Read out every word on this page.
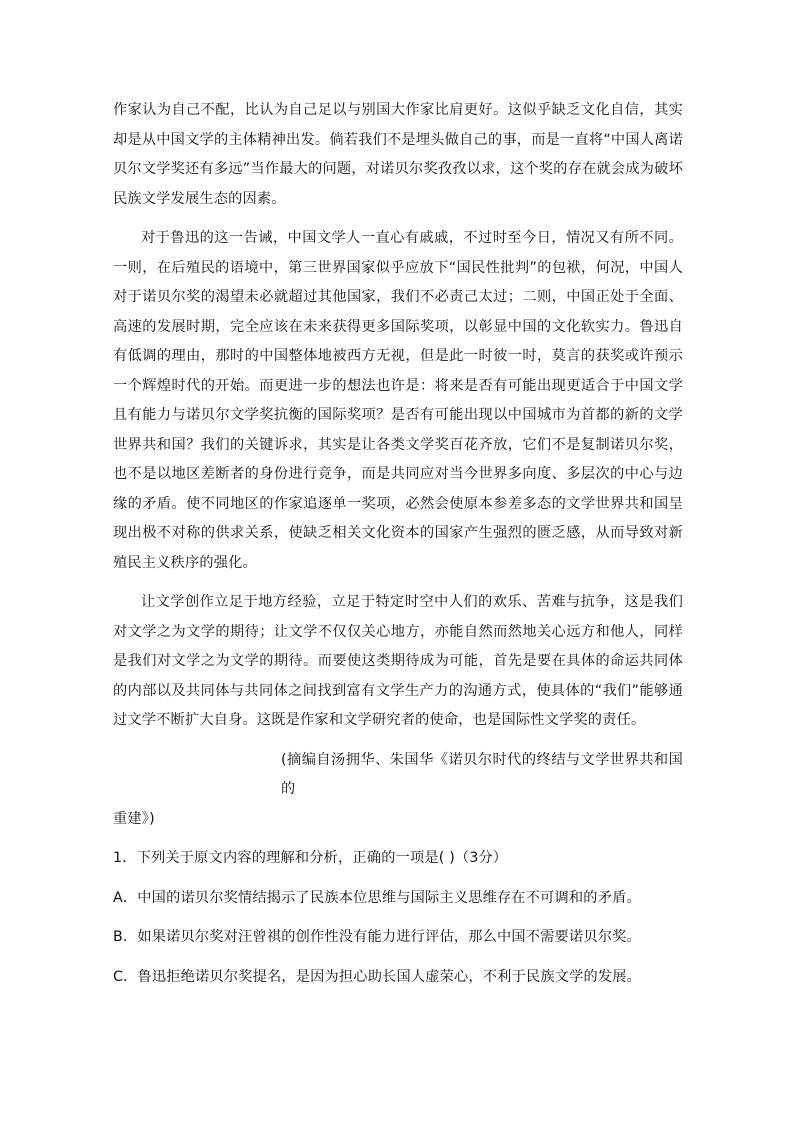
作家认为自己不配，比认为自己足以与别国大作家比肩更好。这似乎缺乏文化自信，其实却是从中国文学的主体精神出发。倘若我们不是埋头做自己的事，而是一直将“中国人离诺贝尔文学奖还有多远”当作最大的问题，对诺贝尔奖孜孜以求，这个奖的存在就会成为破坏民族文学发展生态的因素。

对于鲁迅的这一告诫，中国文学人一直心有戚戚，不过时至今日，情况又有所不同。一则，在后殖民的语境中，第三世界国家似乎应放下“国民性批判”的包袱，何况，中国人对于诺贝尔奖的渴望未必就超过其他国家，我们不必责己太过；二则，中国正处于全面、高速的发展时期，完全应该在未来获得更多国际奖项，以彰显中国的文化软实力。鲁迅自有低调的理由，那时的中国整体地被西方无视，但是此一时彼一时，莫言的获奖或许预示一个辉煌时代的开始。而更进一步的想法也许是：将来是否有可能出现更适合于中国文学且有能力与诺贝尔文学奖抗衡的国际奖项？是否有可能出现以中国城市为首都的新的文学世界共和国？我们的关键诉求，其实是让各类文学奖百花齐放，它们不是复制诺贝尔奖，也不是以地区差断者的身份进行竞争，而是共同应对当今世界多向度、多层次的中心与边缘的矛盾。使不同地区的作家追逐单一奖项，必然会使原本参差多态的文学世界共和国呈现出极不对称的供求关系，使缺乏相关文化资本的国家产生强烈的匮乏感，从而导致对新殖民主义秩序的强化。

让文学创作立足于地方经验，立足于特定时空中人们的欢乐、苦难与抗争，这是我们对文学之为文学的期待；让文学不仅仅关心地方，亦能自然而然地关心远方和他人，同样是我们对文学之为文学的期待。而要使这类期待成为可能，首先是要在具体的命运共同体的内部以及共同体与共同体之间找到富有文学生产力的沟通方式，使具体的“我们”能够通过文学不断扩大自身。这既是作家和文学研究者的使命，也是国际性文学奖的责任。

(摘编自汤拥华、朱国华《诺贝尔时代的终结与文学世界共和国的
重建》)

1．下列关于原文内容的理解和分析，正确的一项是( )（3分）

A．中国的诺贝尔奖情结揭示了民族本位思维与国际主义思维存在不可调和的矛盾。

B．如果诺贝尔奖对汪曾祺的创作性没有能力进行评估，那么中国不需要诺贝尔奖。

C．鲁迅拒绝诺贝尔奖提名，是因为担心助长国人虚荣心，不利于民族文学的发展。
